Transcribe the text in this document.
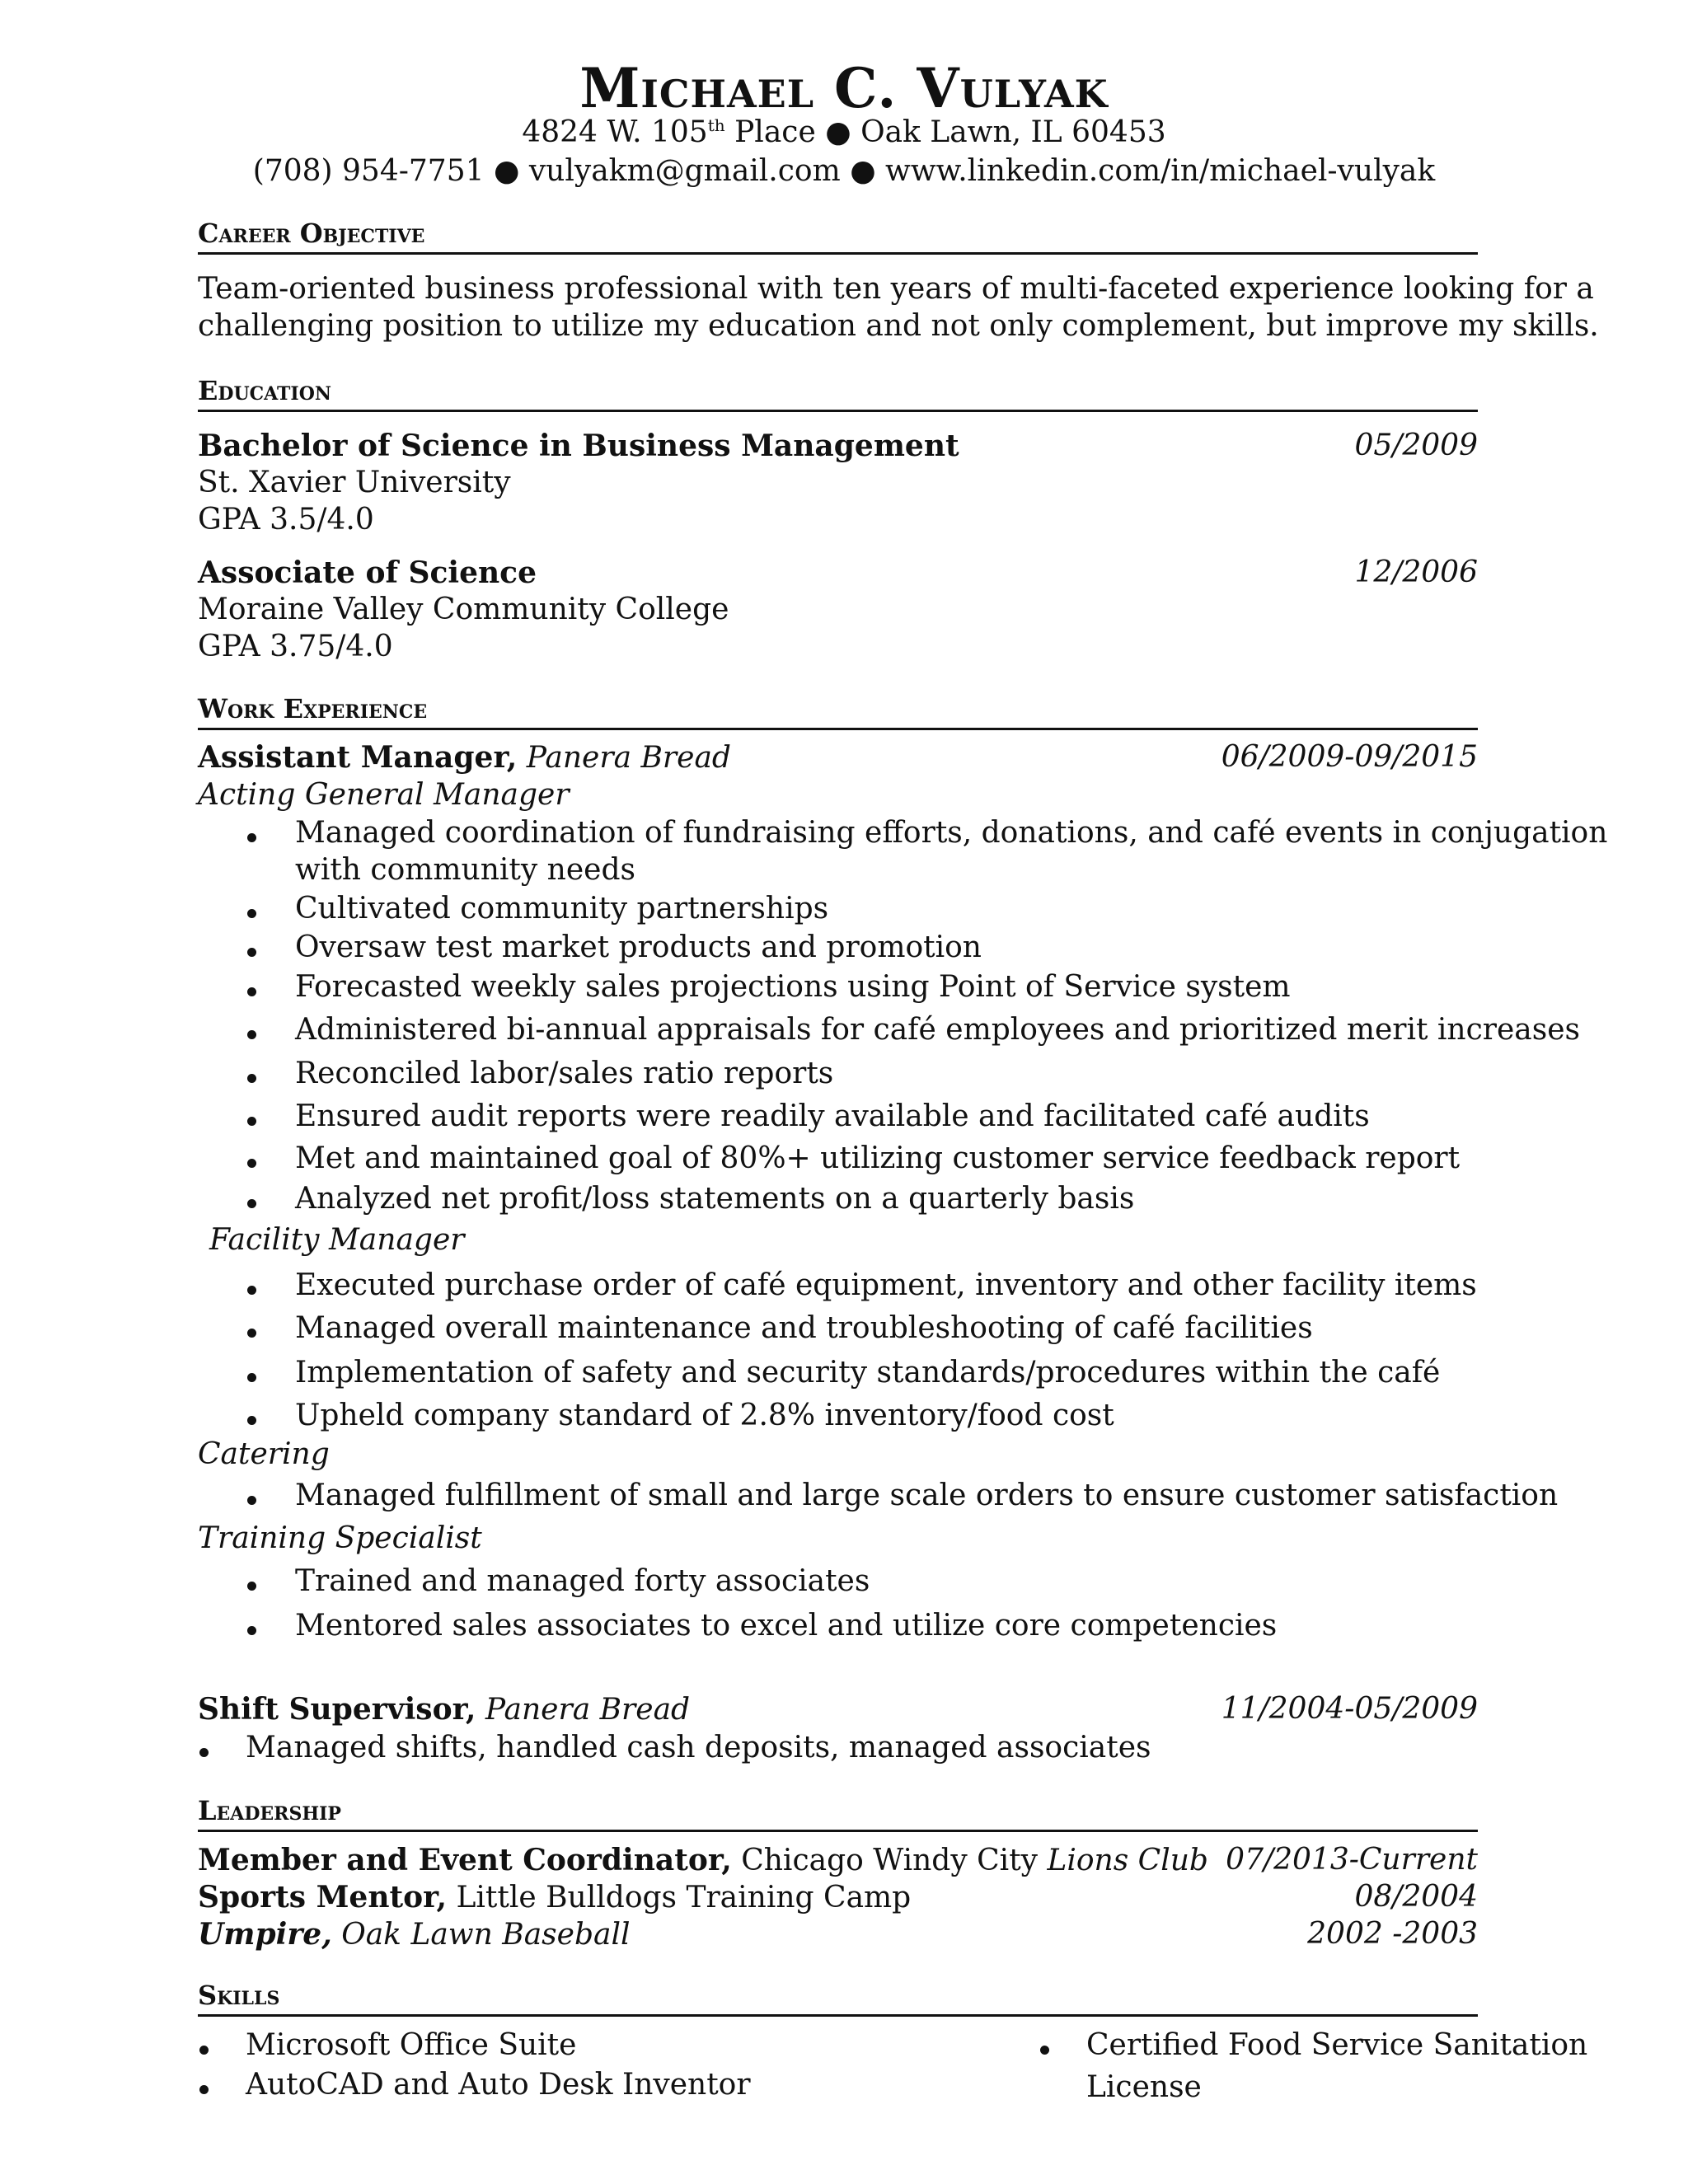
Michael C. Vulyak
4824 W. 105th Place ● Oak Lawn, IL 60453
(708) 954-7751 ● vulyakm@gmail.com ● www.linkedin.com/in/michael-vulyak
Career Objective
Team-oriented business professional with ten years of multi-faceted experience looking for a
challenging position to utilize my education and not only complement, but improve my skills.
Education
Bachelor of Science in Business Management	05/2009
St. Xavier University
GPA 3.5/4.0
Associate of Science	12/2006
Moraine Valley Community College
GPA 3.75/4.0
Work Experience
Assistant Manager, Panera Bread	06/2009-09/2015
Acting General Manager
Managed coordination of fundraising efforts, donations, and café events in conjugation
with community needs
Cultivated community partnerships
Oversaw test market products and promotion
Forecasted weekly sales projections using Point of Service system
Administered bi-annual appraisals for café employees and prioritized merit increases
Reconciled labor/sales ratio reports
Ensured audit reports were readily available and facilitated café audits
Met and maintained goal of 80%+ utilizing customer service feedback report
Analyzed net profit/loss statements on a quarterly basis
Facility Manager
Executed purchase order of café equipment, inventory and other facility items
Managed overall maintenance and troubleshooting of café facilities
Implementation of safety and security standards/procedures within the café
Upheld company standard of 2.8% inventory/food cost
Catering
Managed fulfillment of small and large scale orders to ensure customer satisfaction
Training Specialist
Trained and managed forty associates
Mentored sales associates to excel and utilize core competencies
Shift Supervisor, Panera Bread	11/2004-05/2009
Managed shifts, handled cash deposits, managed associates
Leadership
Member and Event Coordinator, Chicago Windy City Lions Club 07/2013-Current
Sports Mentor, Little Bulldogs Training Camp	08/2004
Umpire, Oak Lawn Baseball	2002 -2003
Skills
Microsoft Office Suite
AutoCAD and Auto Desk Inventor
Certified Food Service Sanitation
License
